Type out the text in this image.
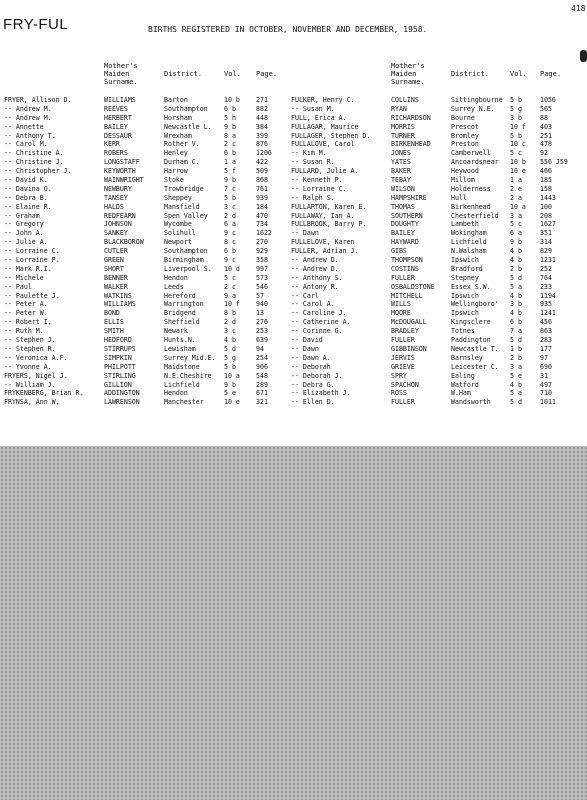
FRY-FUL
418
BIRTHS REGISTERED IN OCTOBER, NOVEMBER AND DECEMBER, 1958.
Mother's Maiden Surname.
District.	Vol. Page.
FRYER, Allison D.	WILLIAMS	Barton	10 b 271
-- Andrew M.	REEVES	Southampton 6 b	882
-- Andrew M.	HERBERT	Horsham	5 h	448
-- Annette	BAILEY	Newcastle L. 9 b	384
-- Anthony T.	DESSAUR	Wrexham	8 a	399
-- Carol M.	KERR	Rother V.	2 c	876
-- Christine A.	ROBERS	Henley	6 b	1206
-- Christine J.	LONGSTAFF	Durham C.	1 a	422
-- Christopher J.	KEYWORTH	Harrow	5 f	509
-- David K.	WAINWRIGHT	Stoke	9 b	868
-- Davina O.	NEWBURY	Trowbridge	7 c	761
-- Debra B.	TANSEY	Sheppey	5 b	939
-- Elaine R.	HALDS	Mansfield	3 c	184
-- Graham	REDFEARN	Spen Valley 2 d	470
-- Gregory	JOHNSON	Wycombe	6 a	734
-- John A.	SANKEY	Solihull	9 c	1622
-- Julie A.	BLACKBOROW	Newport	8 c	270
-- Lorraine C.	CUTLER	Southampton 6 b	929
-- Lorraine P.	GREEN	Birmingham	9 c	358
-- Mark R.I.	SHORT	Liverpool S. 10 d 997
-- Michele	BENNER	Hendon	5 c	573
-- Paul	WALKER	Leeds	2 c	546
-- Paulette J.	WATKINS	Hereford	9 a	57
-- Peter A.	WILLIAMS	Warrington	10 f 940
-- Peter W.	BOND	Bridgend	8 b	13
-- Robert I.	ELLIS	Sheffield	2 d	276
-- Ruth M.	SMITH	Newark	3 c	253
-- Stephen J.	HEDFORD	Hunts.N.	4 b	639
-- Stephen R.	STIRRUPS	Lewisham	5 d	94
-- Veronica A.F.	SIMPKIN	Surrey Mid.E. 5 g	254
-- Yvonne A.	PHILPOTT	Maidstone	5 b	906
FRYERS, Nigel J.	STIRLING	N.E.Cheshire 10 a 548
-- William J.	GILLION	Lichfield	9 b	289
FRYKENBERG, Brian R.	ADDINGTON	Hendon	5 e	671
FRYNSA, Ann W.	LAWRENSON	Manchester	10 e 321
Mother's Maiden Surname.
District.	Vol. Page.
FULKER, Henry C.	COLLINS	Sittingbourne 5 b	1056
-- Susan M.	RYAN	Surrey N.E. 5 g	565
FULL, Erica A.	RICHARDSON	Bourne	3 b	88
FULLAGAR, Maurice	MORRIS	Prescot	10 f 403
FULLAGER, Stephen D.	TURNER	Bromley	5 b	251
FULLALOVE, Carol	BIRKENHEAD	Preston	10 c 478
-- Kim M.	JONES	Camberwell	5 c	92
-- Susan R.	YATES	Ancoardsnear 10 b 556 J59
FULLARD, Julie A.	BAKER	Heywood	10 e 466
-- Kenneth P.	TEBAY	Millom	1 a	185
-- Lorraine C.	WILSON	Holderness	2 e	158
-- Ralph S.	HAMPSHIRE	Hull	2 a	1443
FULLARTON, Karen E.	THOMAS	Birkenhead	10 a 100
FULLAWAY, Ian A.	SOUTHERN	Chesterfield 3 a	208
FULLBROOK, Barry P.	DOUGHTY	Lambeth	5 c	1627
-- Dawn	BAILEY	Wokingham	6 a	351
FULLELOVE, Karen	HAYWARD	Lichfield	9 b	314
FULLER, Adrian J.	GIBS	N.Walsham	4 b	829
-- Andrew D.	THOMPSON	Ipswich	4 b	1231
-- Andrew D.	COSTINS	Bradford	2 b	252
-- Anthony S.	FULLER	Stepney	5 d	764
-- Antony R.	OSBALDSTONE Essex S.W.	5 a	233
-- Carl	MITCHELL	Ipswich	4 b	1194
-- Carol A.	WILLS	Wellingboro' 3 b	935
-- Caroline J.	MOORE	Ipswich	4 b	1241
-- Catherine A.	McDOUGALL	Kingsclere	6 b	456
-- Corinne G.	BRADLEY	Totnes	7 a	863
-- David	FULLER	Paddington	5 d	283
-- Dawn	GIBBINSON	Newcastle T. 1 b	177
-- Dawn A.	JERVIS	Barnsley	2 b	97
-- Deborah	GRIEVE	Leicester C. 3 a	690
-- Deborah J.	SPRY	Ealing	5 e	31
-- Debra G.	SPACHON	Watford	4 b	497
-- Elizabeth J.	ROSS	W.Ham	5 a	710
-- Ellen D.	FULLER	Wandsworth	5 d	1011
